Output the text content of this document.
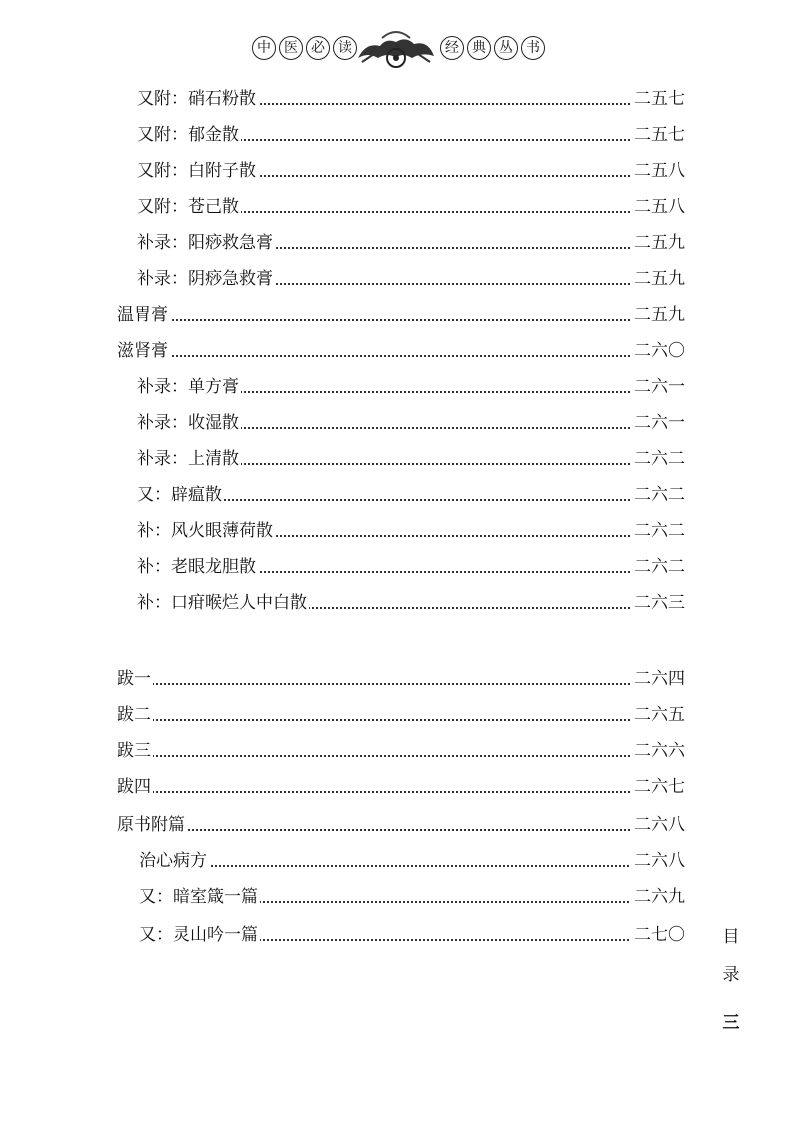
中 医 必 读	经 典 丛 书
又附：硝石粉散	二五七
又附：郁金散	二五七
又附：白附子散	二五八
又附：苍己散	二五八
补录：阳痧救急膏	二五九
补录：阴痧急救膏	二五九
温胃膏	二五九
滋肾膏	二六〇
补录：单方膏	二六一
补录：收湿散	二六一
补录：上清散	二六二
又：辟瘟散	二六二
补：风火眼薄荷散	二六二
补：老眼龙胆散	二六二
补：口疳喉烂人中白散	二六三
跋一	二六四
跋二	二六五
跋三	二六六
跋四	二六七
原书附篇	二六八
治心病方	二六八
又：暗室箴一篇	二六九
又：灵山吟一篇	二七〇 目
录
三
